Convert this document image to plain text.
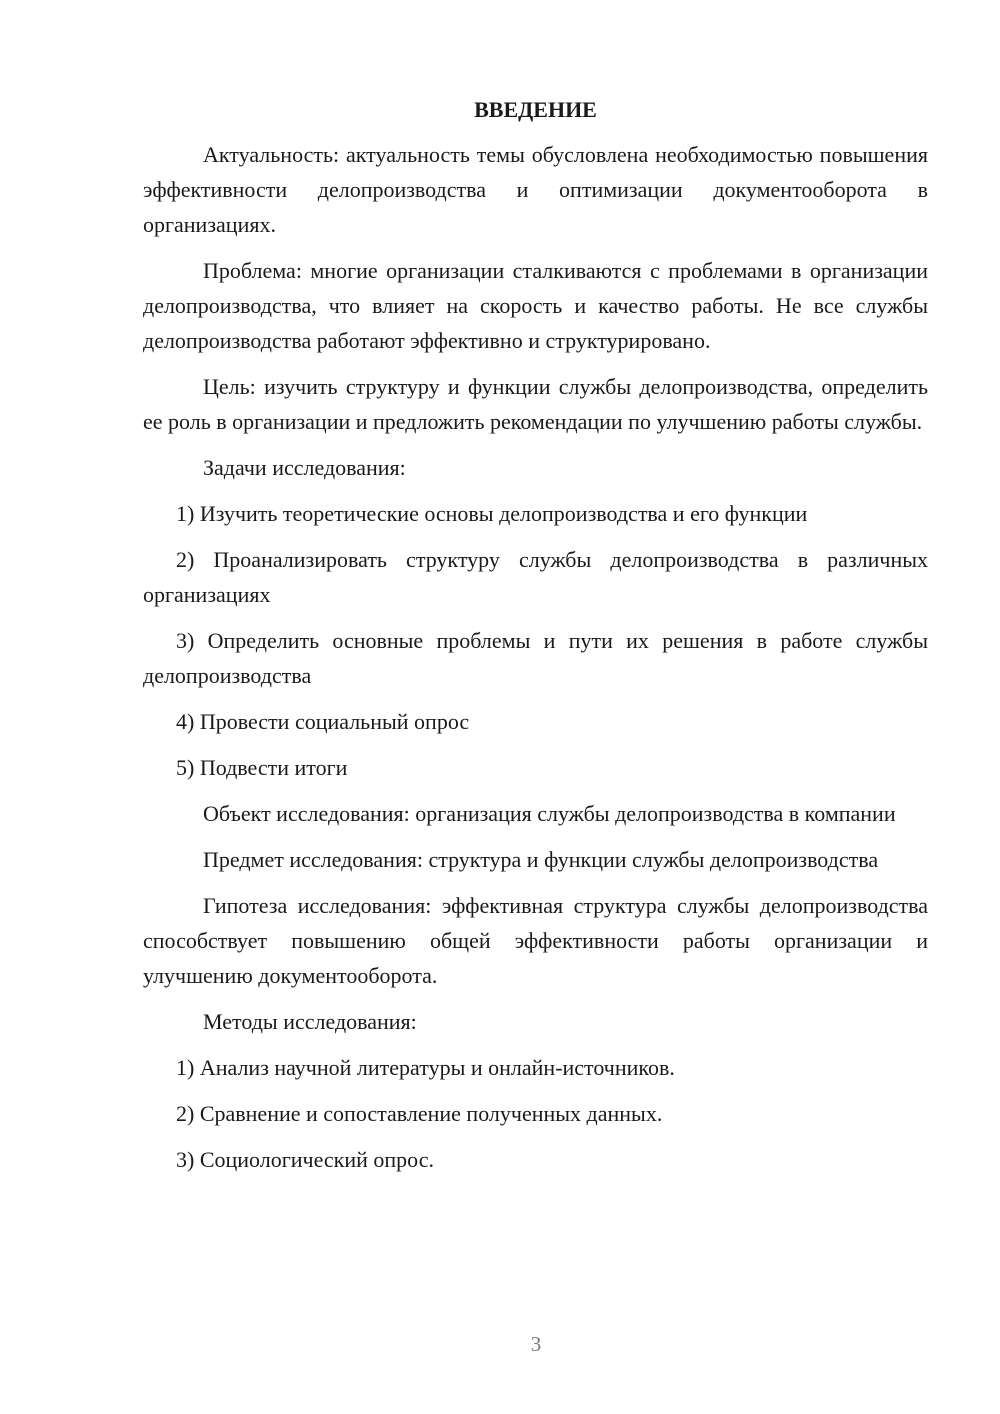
ВВЕДЕНИЕ

Актуальность: актуальность темы обусловлена необходимостью повышения эффективности делопроизводства и оптимизации документооборота в организациях.

Проблема: многие организации сталкиваются с проблемами в организации делопроизводства, что влияет на скорость и качество работы. Не все службы делопроизводства работают эффективно и структурировано.

Цель: изучить структуру и функции службы делопроизводства, определить ее роль в организации и предложить рекомендации по улучшению работы службы.

Задачи исследования:

1) Изучить теоретические основы делопроизводства и его функции

2) Проанализировать структуру службы делопроизводства в различных организациях

3) Определить основные проблемы и пути их решения в работе службы делопроизводства

4) Провести социальный опрос

5) Подвести итоги

Объект исследования: организация службы делопроизводства в компании

Предмет исследования: структура и функции службы делопроизводства

Гипотеза исследования: эффективная структура службы делопроизводства способствует повышению общей эффективности работы организации и улучшению документооборота.

Методы исследования:

1) Анализ научной литературы и онлайн-источников.

2) Сравнение и сопоставление полученных данных.

3) Социологический опрос.

3
